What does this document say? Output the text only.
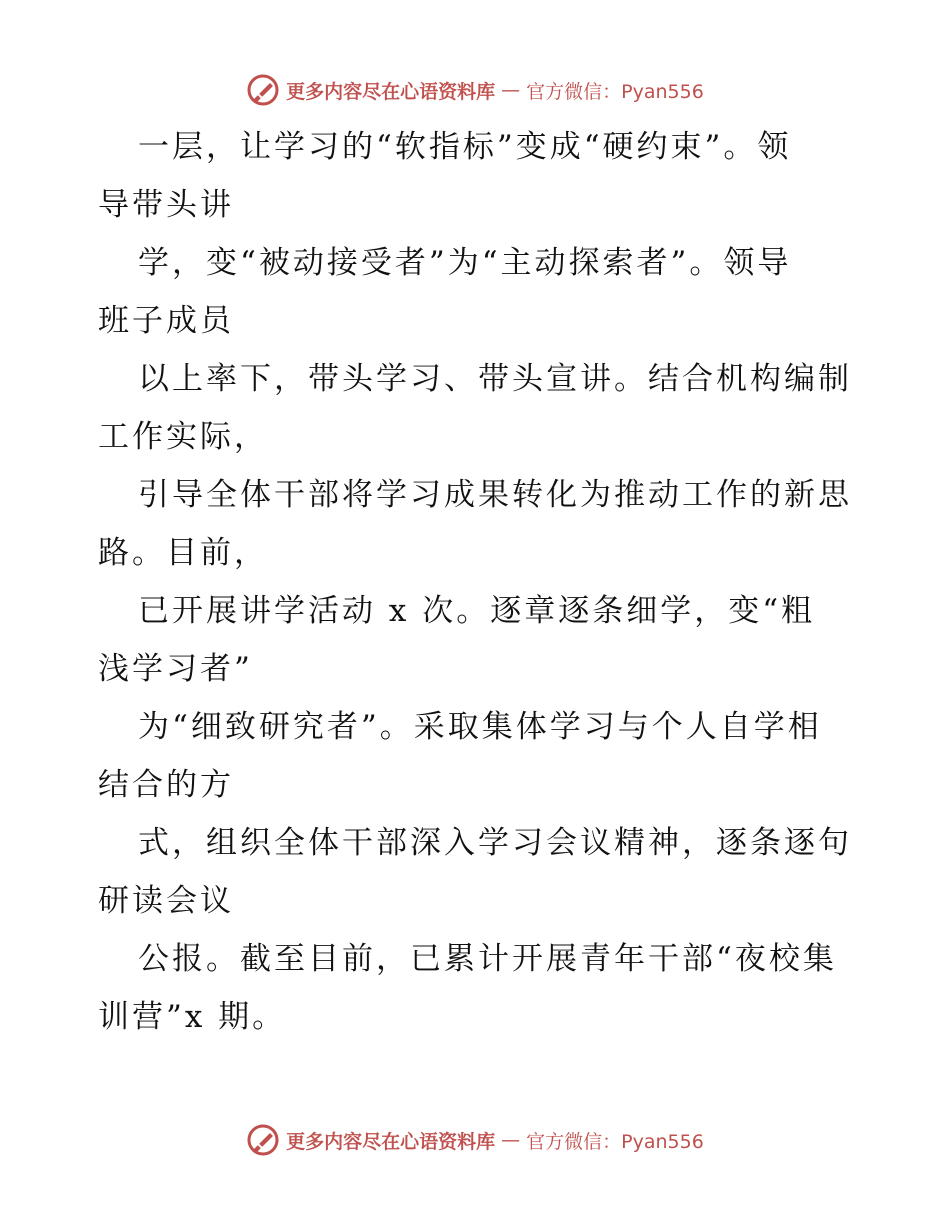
更多内容尽在心语资料库 — 官方微信：Pyan556
一层，让学习的“软指标”变成“硬约束”。领
导带头讲
学，变“被动接受者”为“主动探索者”。领导
班子成员
以上率下，带头学习、带头宣讲。结合机构编制
工作实际，
引导全体干部将学习成果转化为推动工作的新思
路。目前，
已开展讲学活动 x 次。逐章逐条细学，变“粗
浅学习者”
为“细致研究者”。采取集体学习与个人自学相
结合的方
式，组织全体干部深入学习会议精神，逐条逐句
研读会议
公报。截至目前，已累计开展青年干部“夜校集
训营”x 期。
更多内容尽在心语资料库 — 官方微信：Pyan556
